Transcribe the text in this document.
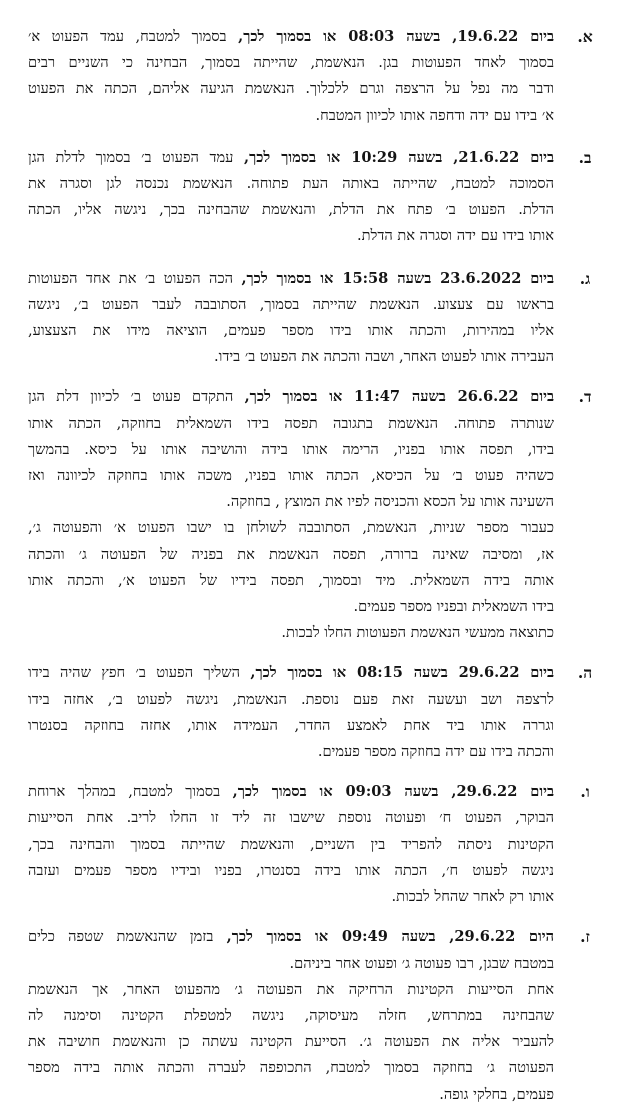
א.
ביום 19.6.22, בשעה 08:03 או בסמוך לכך, בסמוך למטבח, עמד הפעוט א׳
בסמוך לאחד הפעוטות בגן. הנאשמת, שהייתה בסמוך, הבחינה כי השניים רבים
ודבר מה נפל על הרצפה וגרם ללכלוך. הנאשמת הגיעה אליהם, הכתה את הפעוט
א׳ בידו עם ידה ודחפה אותו לכיוון המטבח.
ב.
ביום 21.6.22, בשעה 10:29 או בסמוך לכך, עמד הפעוט ב׳ בסמוך לדלת הגן
הסמוכה למטבח, שהייתה באותה העת פתוחה. הנאשמת נכנסה לגן וסגרה את
הדלת. הפעוט ב׳ פתח את הדלת, והנאשמת שהבחינה בכך, ניגשה אליו, הכתה
אותו בידו עם ידה וסגרה את הדלת.
ג.
ביום 23.6.2022 בשעה 15:58 או בסמוך לכך, הכה הפעוט ב׳ את אחד הפעוטות
בראשו עם צעצוע. הנאשמת שהייתה בסמוך, הסתובבה לעבר הפעוט ב׳, ניגשה
אליו במהירות, והכתה אותו בידו מספר פעמים, הוציאה מידו את הצעצוע,
העבירה אותו לפעוט האחר, ושבה והכתה את הפעוט ב׳ בידו.
ד.
ביום 26.6.22 בשעה 11:47 או בסמוך לכך, התקדם פעוט ב׳ לכיוון דלת הגן
שנותרה פתוחה. הנאשמת בתגובה תפסה בידו השמאלית בחוזקה, הכתה אותו
בידו, תפסה אותו בפניו, הרימה אותו בידה והושיבה אותו על כיסא. בהמשך
כשהיה פעוט ב׳ על הכיסא, הכתה אותו בפניו, משכה אותו בחוזקה לכיוונה ואז
השעינה אותו על הכסא והכניסה לפיו את המוצץ , בחוזקה.
כעבור מספר שניות, הנאשמת, הסתובבה לשולחן בו ישבו הפעוט א׳ והפעוטה ג׳,
אז, ומסיבה שאינה ברורה, תפסה הנאשמת את בפניה של הפעוטה ג׳ והכתה
אותה בידה השמאלית. מיד ובסמוך, תפסה בידיו של הפעוט א׳, והכתה אותו
בידו השמאלית ובפניו מספר פעמים.
כתוצאה ממעשי הנאשמת הפעוטות החלו לבכות.
ה.
ביום 29.6.22 בשעה 08:15 או בסמוך לכך, השליך הפעוט ב׳ חפץ שהיה בידו
לרצפה ושב ועשעה זאת פעם נוספת. הנאשמת, ניגשה לפעוט ב׳, אחזה בידו
וגררה אותו ביד אחת לאמצע החדר, העמידה אותו, אחזה בחוזקה בסנטרו
והכתה בידו עם ידה בחוזקה מספר פעמים.
ו.
ביום 29.6.22, בשעה 09:03 או בסמוך לכך, בסמוך למטבח, במהלך ארוחת
הבוקר, הפעוט ח׳ ופעוטה נוספת שישבו זה ליד זו החלו לריב. אחת הסייעות
הקטינות ניסתה להפריד בין השניים, והנאשמת שהייתה בסמוך והבחינה בכך,
ניגשה לפעוט ח׳, הכתה אותו בידה בסנטרו, בפניו ובידיו מספר פעמים ועזבה
אותו רק לאחר שהחל לבכות.
ז.
היום 29.6.22, בשעה 09:49 או בסמוך לכך, בזמן שהנאשמת שטפה כלים
במטבח שבגן, רבו פעוטה ג׳ ופעוט אחר ביניהם.
אחת הסייעות הקטינות הרחיקה את הפעוטה ג׳ מהפעוט האחר, אך הנאשמת
שהבחינה במתרחש, חזלה מעיסוקה, ניגשה למטפלת הקטינה וסימנה לה
להעביר אליה את הפעוטה ג׳. הסייעת הקטינה עשתה כן והנאשמת חושיבה את
הפעוטה ג׳ בחוזקה בסמוך למטבח, התכופפה לעברה והכתה אותה בידה מספר
פעמים, בחלקי גופה.
